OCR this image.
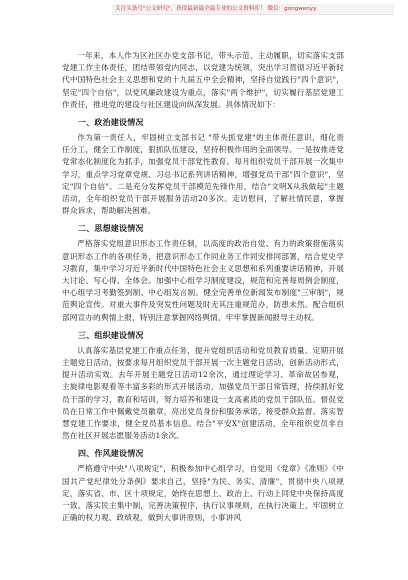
关注头条号"公文研究"，获得最新最全最专业的公文资料库！ 微信：gongwenyy

一年来，本人作为区社区办党支部书记，带头示范、主动履职，切实落实支部党建工作主体责任，团结带领党内同志，以党建为统领，突出学习贯彻习近平新时代中国特色社会主义思想和党的十九届五中全会精神，坚持自觉践行"四个意识"，坚定"四个自信"，以党风廉政建设为重点，落实"两个维护"，切实履行基层党建工作责任，推进党的建设与社区建设向纵深发展。具体情况如下：

一、政治建设情况

作为第一责任人，牢固树立支部书记 "带头抓党建"的主体责任意识，细化责任分工，健全工作制度，狠抓队伍建设，坚持积极作用的全面领导。一是按推进党党常态化制度化为抓手，加强党员干部党性教育。每月组织党员干部开展一次集中学习，重点学习党章党规、习总书记系列讲话精神，增强党员干部"四个意识"，坚定"四个自信"。二是充分发挥党员干部模范先锋作用，结合"文明X从我做起"主题活动，全年组织党员干部开展服务活动20多次。走访慰问，了解社情民意，掌握群众诉求，帮助解决困难。

二、思想建设情况

严格落实党组意识形态工作责任制，以高度的政治自觉、有力的政策措施落实意识形态工作的各项任务，把意识形态工作同业务工作同安排同部署，结合党史学习教育，集中学习习近平新时代中国特色社会主义思想和系列重要讲话精神，开展大讨论、写心得、全体会。加强中心组学习制度建设，规范和完善每周例会制度，中心组学习考勤签到制、中心组发言制。健全完善单位新闻发布制度"三审制"，规范舆论宣传。对重大事件及突发性问题及时无其注重规范办，防患未然。配合组织部网宣办的舆情上报，特别注意掌握网络舆情，牢牢掌握新闻报导主动权。

三、组织建设情况

认真落实基层党建工作重点任务，提升党组织活动和党员教育质量。定期开展主题党日活动，按要求每月组织党员干部开展一次主题党日活动，创新活动形式，提升活动实效。去年开展主题党日活动12余次，通过理论学习、革命故居参观，主旋律电影观看等丰富多彩的形式开展活动，加强党员干部日常管理，持续抓好党员干部的学习、教育和培训，努力培养和建设一支高素质的党员干部队伍。督促党员在日常工作中佩戴党员徽章，亮出党员身份和服务承诺，接受群众监督。落实智慧党建工作要求，健全党员基本信息。结合"平安X"创建活动，全年组织党员非自然在社区开展志愿服务活动1余次。

四、作风建设情况

严格遵守中央"八项规定"，积极参加中心组学习，自觉用《党章》《准则》《中国共产党纪律处分条例》要求自己，坚持"为民、务实、清廉"，贯彻中央八项规定，落实省、市、区十项规定，始终在思想上、政治上、行动上同党中央保持高度一致。落实民主集中制，完善决策程序，执行议事规则，在执行决策上，牢固树立正确的权力观、政绩观，做到大事讲原则，小事讲风
